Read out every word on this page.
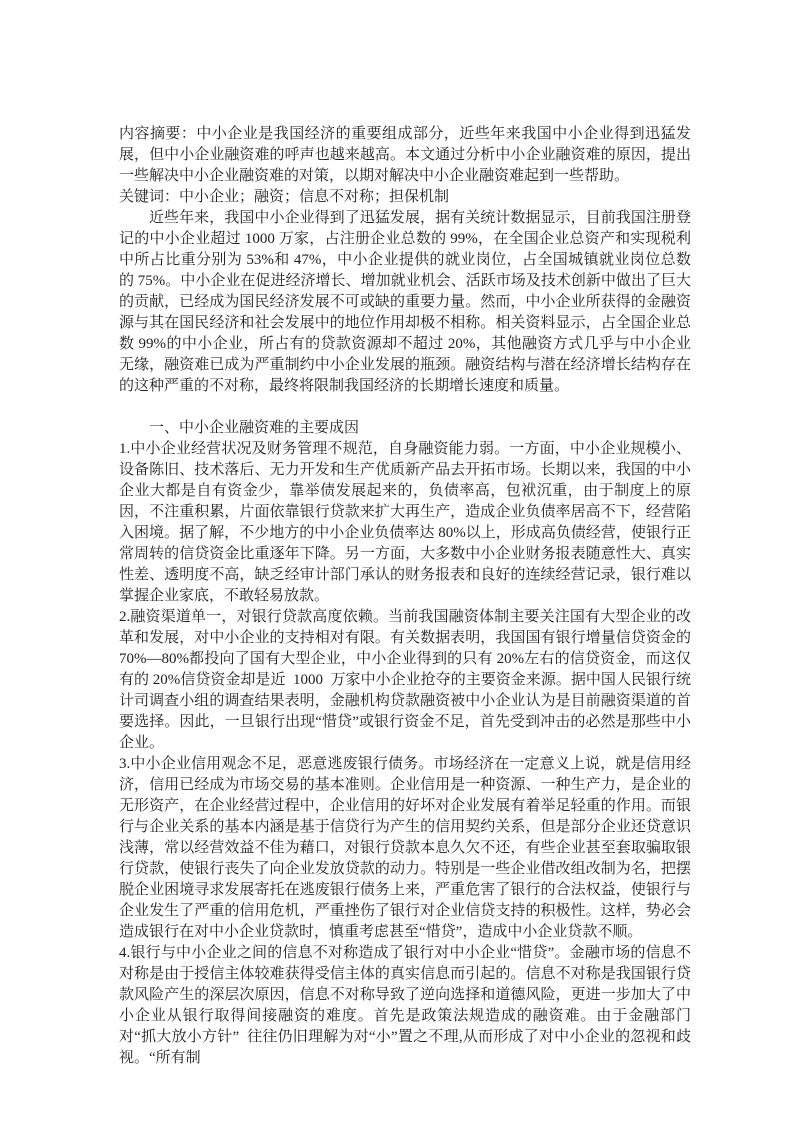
内容摘要：中小企业是我国经济的重要组成部分，近些年来我国中小企业得到迅猛发展，但中小企业融资难的呼声也越来越高。本文通过分析中小企业融资难的原因，提出一些解决中小企业融资难的对策，以期对解决中小企业融资难起到一些帮助。
关键词：中小企业；融资；信息不对称；担保机制
近些年来，我国中小企业得到了迅猛发展，据有关统计数据显示，目前我国注册登记的中小企业超过 1000 万家，占注册企业总数的 99%，在全国企业总资产和实现税利中所占比重分别为 53%和 47%，中小企业提供的就业岗位，占全国城镇就业岗位总数的 75%。中小企业在促进经济增长、增加就业机会、活跃市场及技术创新中做出了巨大的贡献，已经成为国民经济发展不可或缺的重要力量。然而，中小企业所获得的金融资源与其在国民经济和社会发展中的地位作用却极不相称。相关资料显示，占全国企业总数 99%的中小企业，所占有的贷款资源却不超过 20%，其他融资方式几乎与中小企业无缘，融资难已成为严重制约中小企业发展的瓶颈。融资结构与潜在经济增长结构存在的这种严重的不对称，最终将限制我国经济的长期增长速度和质量。
一、中小企业融资难的主要成因
1.中小企业经营状况及财务管理不规范，自身融资能力弱。一方面，中小企业规模小、设备陈旧、技术落后、无力开发和生产优质新产品去开拓市场。长期以来，我国的中小企业大都是自有资金少，靠举债发展起来的，负债率高，包袱沉重，由于制度上的原因，不注重积累，片面依靠银行贷款来扩大再生产，造成企业负债率居高不下，经营陷入困境。据了解，不少地方的中小企业负债率达 80%以上，形成高负债经营，使银行正常周转的信贷资金比重逐年下降。另一方面，大多数中小企业财务报表随意性大、真实性差、透明度不高，缺乏经审计部门承认的财务报表和良好的连续经营记录，银行难以掌握企业家底，不敢轻易放款。
2.融资渠道单一，对银行贷款高度依赖。当前我国融资体制主要关注国有大型企业的改革和发展，对中小企业的支持相对有限。有关数据表明，我国国有银行增量信贷资金的70%—80%都投向了国有大型企业，中小企业得到的只有 20%左右的信贷资金，而这仅有的 20%信贷资金却是近  1000  万家中小企业抢夺的主要资金来源。据中国人民银行统计司调查小组的调查结果表明，金融机构贷款融资被中小企业认为是目前融资渠道的首要选择。因此，一旦银行出现“惜贷”或银行资金不足，首先受到冲击的必然是那些中小企业。
3.中小企业信用观念不足，恶意逃废银行债务。市场经济在一定意义上说，就是信用经济，信用已经成为市场交易的基本准则。企业信用是一种资源、一种生产力，是企业的无形资产，在企业经营过程中，企业信用的好坏对企业发展有着举足轻重的作用。而银行与企业关系的基本内涵是基于信贷行为产生的信用契约关系，但是部分企业还贷意识浅薄，常以经营效益不佳为藉口，对银行贷款本息久欠不还，有些企业甚至套取骗取银行贷款，使银行丧失了向企业发放贷款的动力。特别是一些企业借改组改制为名，把摆脱企业困境寻求发展寄托在逃废银行债务上来，严重危害了银行的合法权益，使银行与企业发生了严重的信用危机，严重挫伤了银行对企业信贷支持的积极性。这样，势必会造成银行在对中小企业贷款时，慎重考虑甚至“惜贷”，造成中小企业贷款不顺。
4.银行与中小企业之间的信息不对称造成了银行对中小企业“惜贷”。金融市场的信息不对称是由于授信主体较难获得受信主体的真实信息而引起的。信息不对称是我国银行贷款风险产生的深层次原因，信息不对称导致了逆向选择和道德风险，更进一步加大了中小企业从银行取得间接融资的难度。首先是政策法规造成的融资难。由于金融部门对“抓大放小方针”  往往仍旧理解为对“小”置之不理,从而形成了对中小企业的忽视和歧视。“所有制
